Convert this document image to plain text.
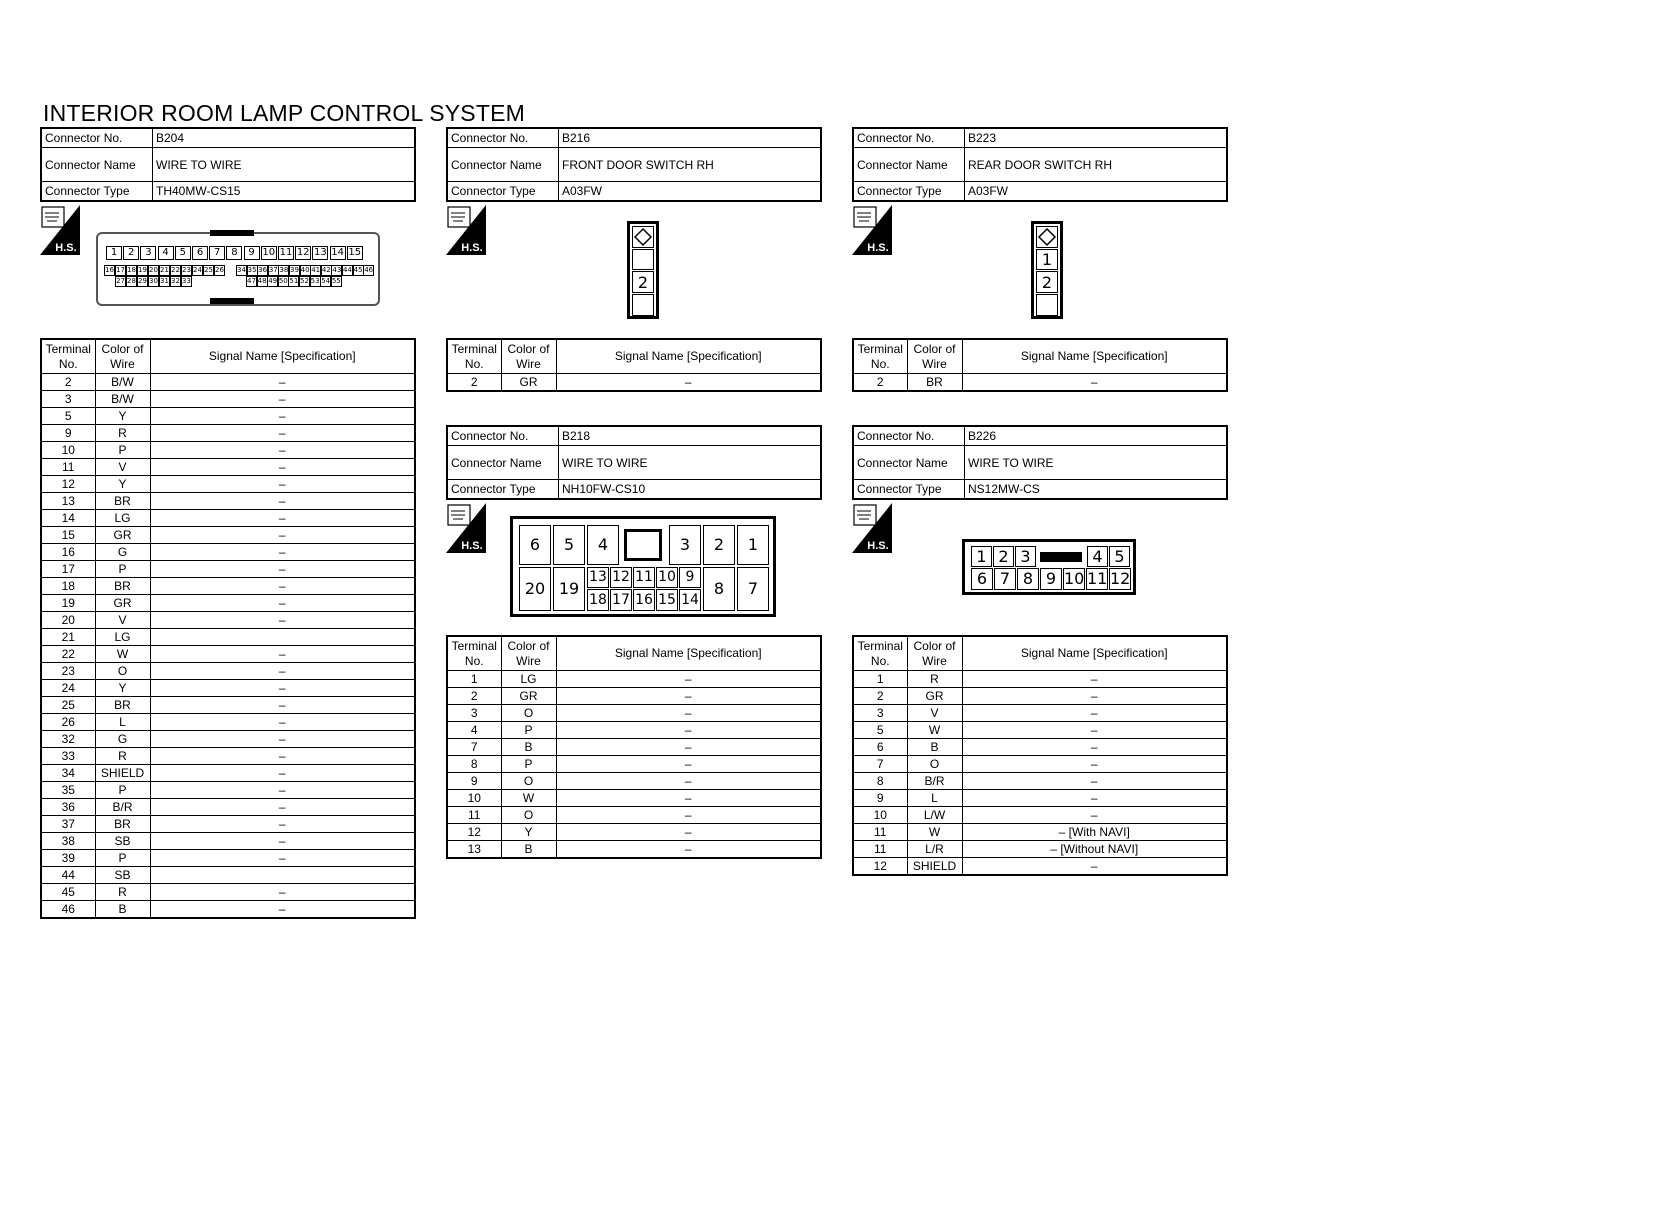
INTERIOR ROOM LAMP CONTROL SYSTEM
Connector No.	B204
Connector Name	WIRE TO WIRE
Connector Type	TH40MW-CS15
H.S.	1	2	3	4	5	6	7	8	9 10 11 12 13 14 15
16 17 18 19 20 21 22 23 24 25 26 34 35 36 37 38 39 40 41 42 43 44 45 46
27 28 29 30 31 32 33	47 48 49 50 51 52 53 54 55
Terminal No.	Color of Wire	Signal Name [Specification]
2	B/W	–
3	B/W	–
5	Y	–
9	R	–
10	P	–
11	V	–
12	Y	–
13	BR	–
14	LG	–
15	GR	–
16	G	–
17	P	–
18	BR	–
19	GR	–
20	V	–
21	LG	
22	W	–
23	O	–
24	Y	–
25	BR	–
26	L	–
32	G	–
33	R	–
34	SHIELD	–
35	P	–
36	B/R	–
37	BR	–
38	SB	–
39	P	–
44	SB	
45	R	–
46	B	–
Connector No.	B216
Connector Name	FRONT DOOR SWITCH RH
Connector Type	A03FW
H.S.
2
Terminal No.	Color of Wire	Signal Name [Specification]
2	GR	–
Connector No.	B223
Connector Name	REAR DOOR SWITCH RH
Connector Type	A03FW
H.S.
1
2
Terminal No.	Color of Wire	Signal Name [Specification]
2	BR	–
Connector No.	B218
Connector Name	WIRE TO WIRE
Connector Type	NH10FW-CS10
H.S.	6	5	4	3	2	1
20 19	8	7
13 12 11 10 9
18 17 16 15 14
Terminal No.	Color of Wire	Signal Name [Specification]
1	LG	–
2	GR	–
3	O	–
4	P	–
7	B	–
8	P	–
9	O	–
10	W	–
11	O	–
12	Y	–
13	B	–
Connector No.	B226
Connector Name	WIRE TO WIRE
Connector Type	NS12MW-CS
H.S.
1 2 3	4 5
6 7 8 9 10 11 12
Terminal No.	Color of Wire	Signal Name [Specification]
1	R	–
2	GR	–
3	V	–
5	W	–
6	B	–
7	O	–
8	B/R	–
9	L	–
10	L/W	–
11	W	– [With NAVI]
11	L/R	– [Without NAVI]
12	SHIELD	–
